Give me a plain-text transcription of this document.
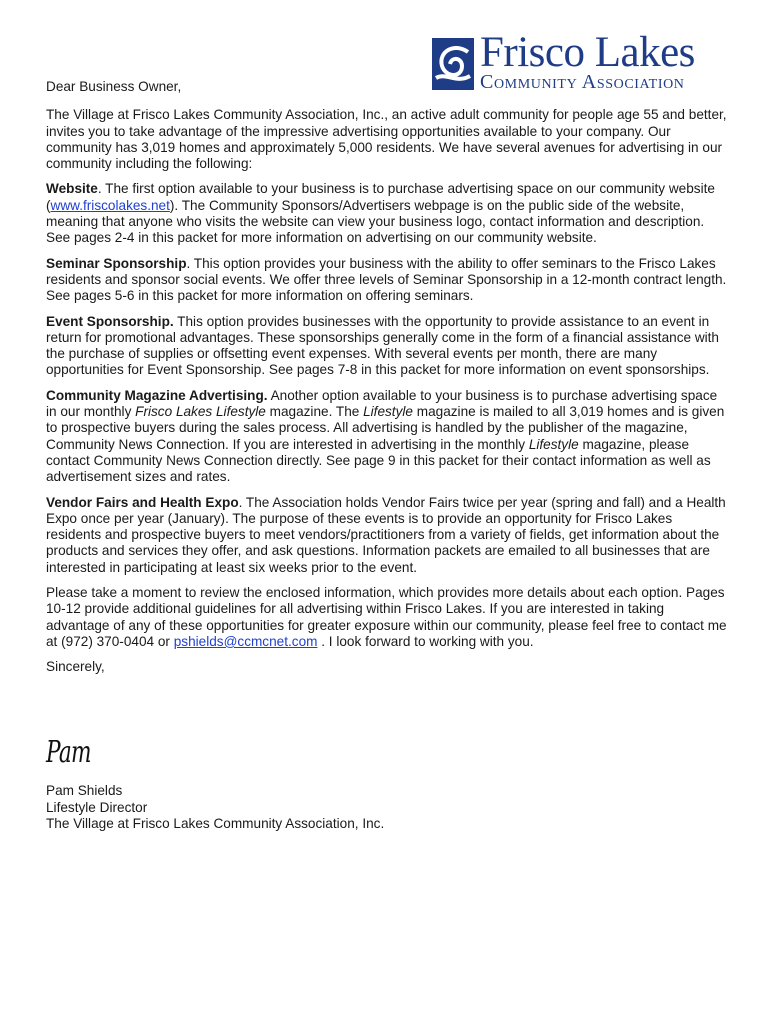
Frisco Lakes
Community Association

Dear Business Owner,

The Village at Frisco Lakes Community Association, Inc., an active adult community for people age 55 and better, invites you to take advantage of the impressive advertising opportunities available to your company. Our community has 3,019 homes and approximately 5,000 residents. We have several avenues for advertising in our community including the following:

Website. The first option available to your business is to purchase advertising space on our community website (www.friscolakes.net). The Community Sponsors/Advertisers webpage is on the public side of the website, meaning that anyone who visits the website can view your business logo, contact information and description. See pages 2-4 in this packet for more information on advertising on our community website.

Seminar Sponsorship. This option provides your business with the ability to offer seminars to the Frisco Lakes residents and sponsor social events. We offer three levels of Seminar Sponsorship in a 12-month contract length. See pages 5-6 in this packet for more information on offering seminars.

Event Sponsorship. This option provides businesses with the opportunity to provide assistance to an event in return for promotional advantages. These sponsorships generally come in the form of a financial assistance with the purchase of supplies or offsetting event expenses. With several events per month, there are many opportunities for Event Sponsorship. See pages 7-8 in this packet for more information on event sponsorships.

Community Magazine Advertising. Another option available to your business is to purchase advertising space in our monthly Frisco Lakes Lifestyle magazine. The Lifestyle magazine is mailed to all 3,019 homes and is given to prospective buyers during the sales process. All advertising is handled by the publisher of the magazine, Community News Connection. If you are interested in advertising in the monthly Lifestyle magazine, please contact Community News Connection directly. See page 9 in this packet for their contact information as well as advertisement sizes and rates.

Vendor Fairs and Health Expo. The Association holds Vendor Fairs twice per year (spring and fall) and a Health Expo once per year (January). The purpose of these events is to provide an opportunity for Frisco Lakes residents and prospective buyers to meet vendors/practitioners from a variety of fields, get information about the products and services they offer, and ask questions. Information packets are emailed to all businesses that are interested in participating at least six weeks prior to the event.

Please take a moment to review the enclosed information, which provides more details about each option. Pages 10-12 provide additional guidelines for all advertising within Frisco Lakes. If you are interested in taking advantage of any of these opportunities for greater exposure within our community, please feel free to contact me at (972) 370-0404 or pshields@ccmcnet.com . I look forward to working with you.

Sincerely,

Pam
Pam Shields
Lifestyle Director
The Village at Frisco Lakes Community Association, Inc.
